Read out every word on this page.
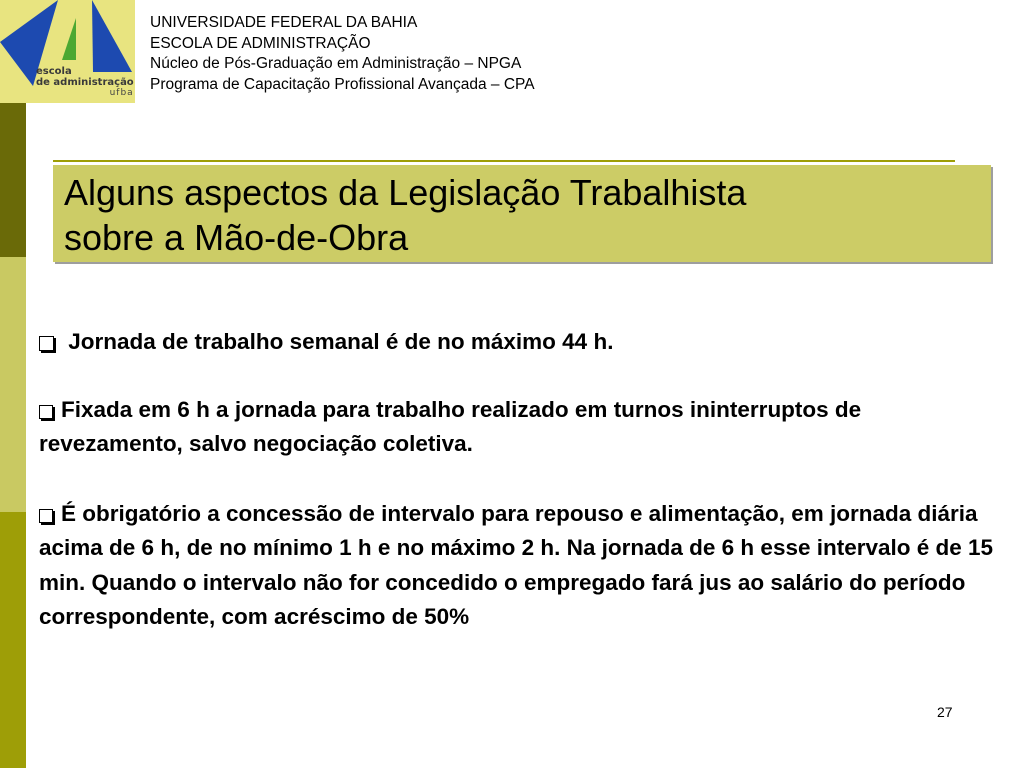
escola
de administração
ufba
UNIVERSIDADE FEDERAL DA BAHIA
ESCOLA DE ADMINISTRAÇÃO
Núcleo de Pós-Graduação em Administração – NPGA
Programa de Capacitação Profissional Avançada – CPA
Alguns aspectos da Legislação Trabalhista
sobre a Mão-de-Obra

Jornada de trabalho semanal é de no máximo 44 h.

Fixada em 6 h a jornada para trabalho realizado em turnos ininterruptos de revezamento, salvo negociação coletiva.

É obrigatório a concessão de intervalo para repouso e alimentação, em jornada diária acima de 6 h, de no mínimo 1 h e no máximo 2 h. Na jornada de 6 h esse intervalo é de 15 min. Quando o intervalo não for concedido o empregado fará jus ao salário do período correspondente, com acréscimo de 50%

27
